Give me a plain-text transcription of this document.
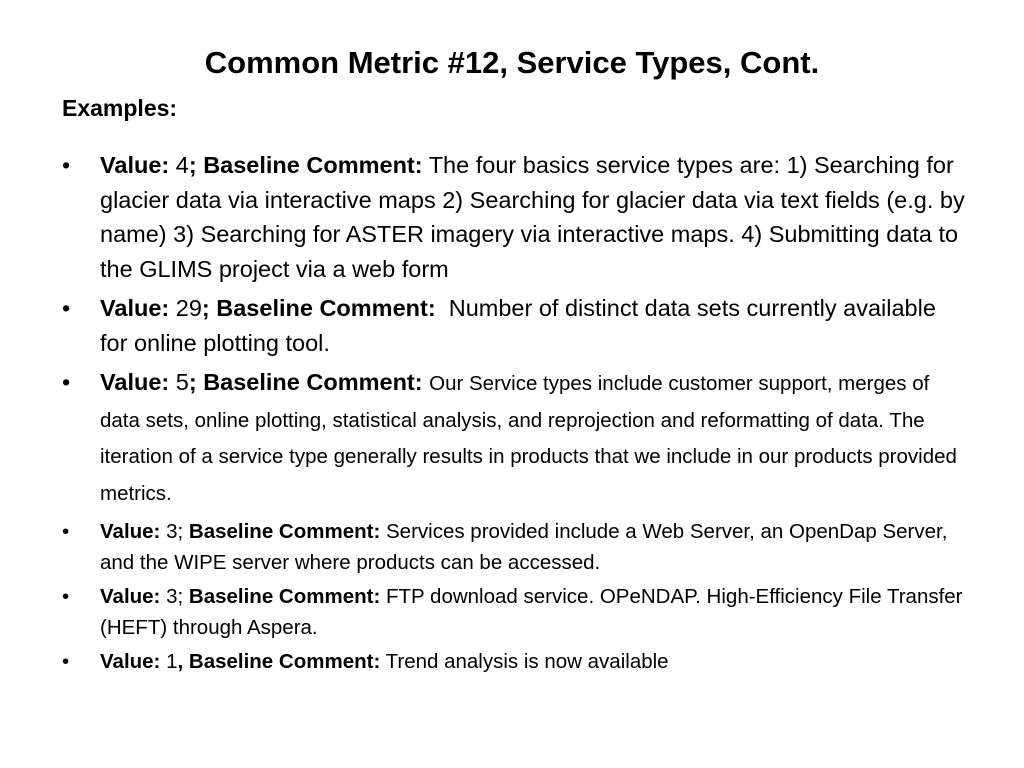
Common Metric #12, Service Types, Cont.
Examples:
• Value: 4; Baseline Comment: The four basics service types are: 1) Searching for glacier data via interactive maps 2) Searching for glacier data via text fields (e.g. by name) 3) Searching for ASTER imagery via interactive maps. 4) Submitting data to the GLIMS project via a web form
• Value: 29; Baseline Comment: Number of distinct data sets currently available for online plotting tool.
• Value: 5; Baseline Comment: Our Service types include customer support, merges of data sets, online plotting, statistical analysis, and reprojection and reformatting of data. The iteration of a service type generally results in products that we include in our products provided metrics.
• Value: 3; Baseline Comment: Services provided include a Web Server, an OpenDap Server, and the WIPE server where products can be accessed.
• Value: 3; Baseline Comment: FTP download service. OPeNDAP. High-Efficiency File Transfer (HEFT) through Aspera.
• Value: 1, Baseline Comment: Trend analysis is now available
